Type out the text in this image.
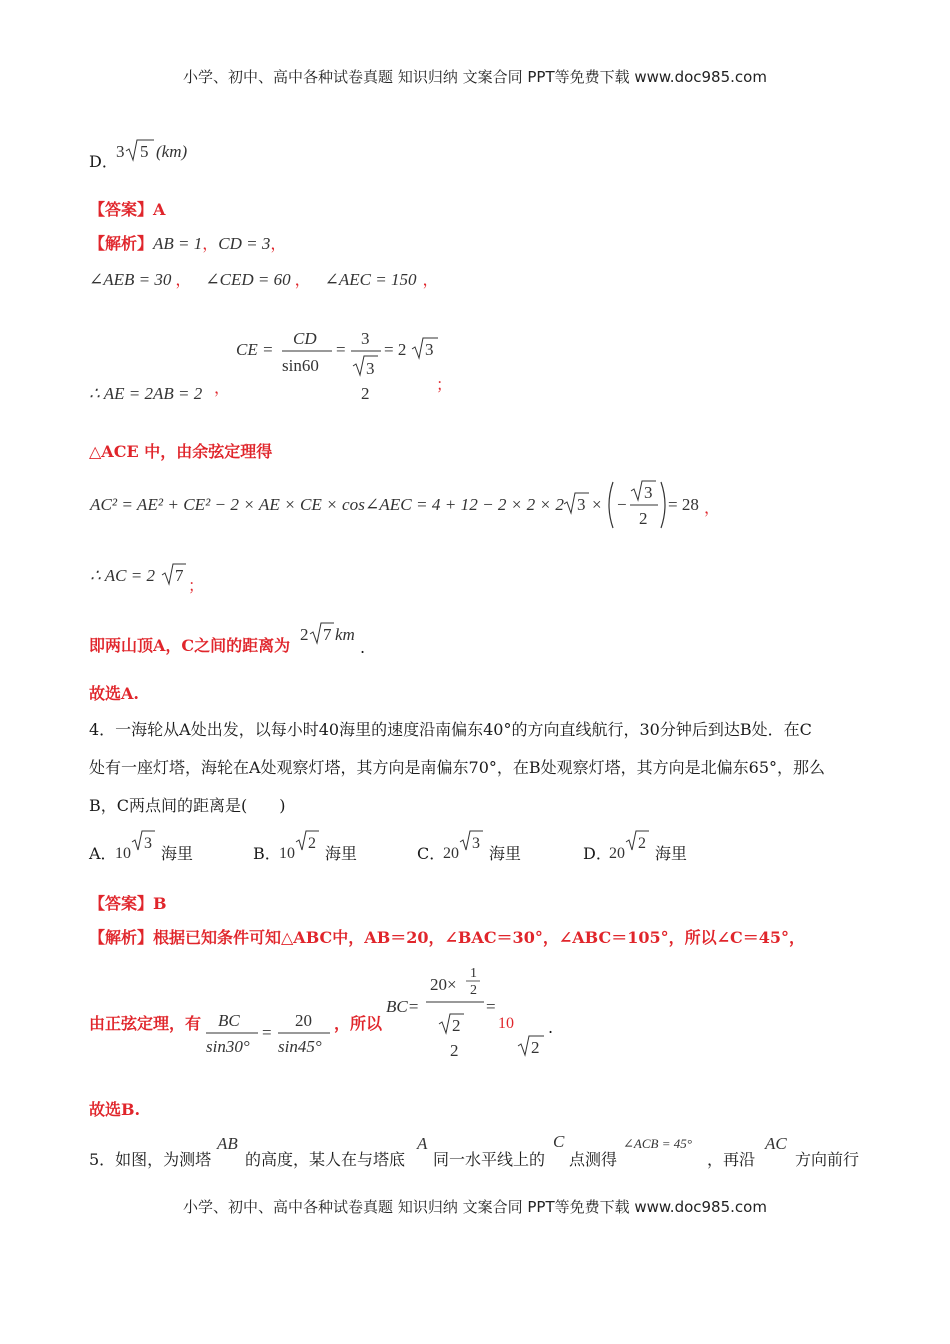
小学、初中、高中各种试卷真题 知识归纳 文案合同 PPT等免费下载 www.doc985.com
D．
3 5 (km)
【答案】A
【解析】AB = 1，CD = 3，
∠AEB = 30 ， ∠CED = 60 ， ∠AEC = 150 ，
∴ AE = 2AB = 2 ，
CE =
CD
sin60
=
3
3
2
= 2 3
；
△ACE 中，由余弦定理得
AC² = AE² + CE² − 2 × AE × CE × cos∠AEC = 4 + 12 − 2 × 2 × 2 3 × −
3
2
= 28 ，
∴ AC = 2 7
；
即两山顶A，C之间的距离为
2 7 km
.
故选A.
4．一海轮从A处出发，以每小时40海里的速度沿南偏东40°的方向直线航行，30分钟后到达B处．在C
处有一座灯塔，海轮在A处观察灯塔，其方向是南偏东70°，在B处观察灯塔，其方向是北偏东65°，那么
B，C两点间的距离是(　　)
A．
10
3
海里	B．
10
2
海里	C．
20
3
海里	D．
20
2
海里
【答案】B
【解析】根据已知条件可知△ABC中，AB＝20，∠BAC＝30°，∠ABC＝105°，所以∠C＝45°，
由正弦定理，有 BC
sin30°
=
20
sin45°
，所以
BC=
20×
1
2
2
2
=
10
2
.
故选B.
5．如图，为测塔
AB
的高度，某人在与塔底
A
同一水平线上的
C
点测得
∠ACB = 45°
，再沿
AC
方向前行
小学、初中、高中各种试卷真题 知识归纳 文案合同 PPT等免费下载 www.doc985.com
